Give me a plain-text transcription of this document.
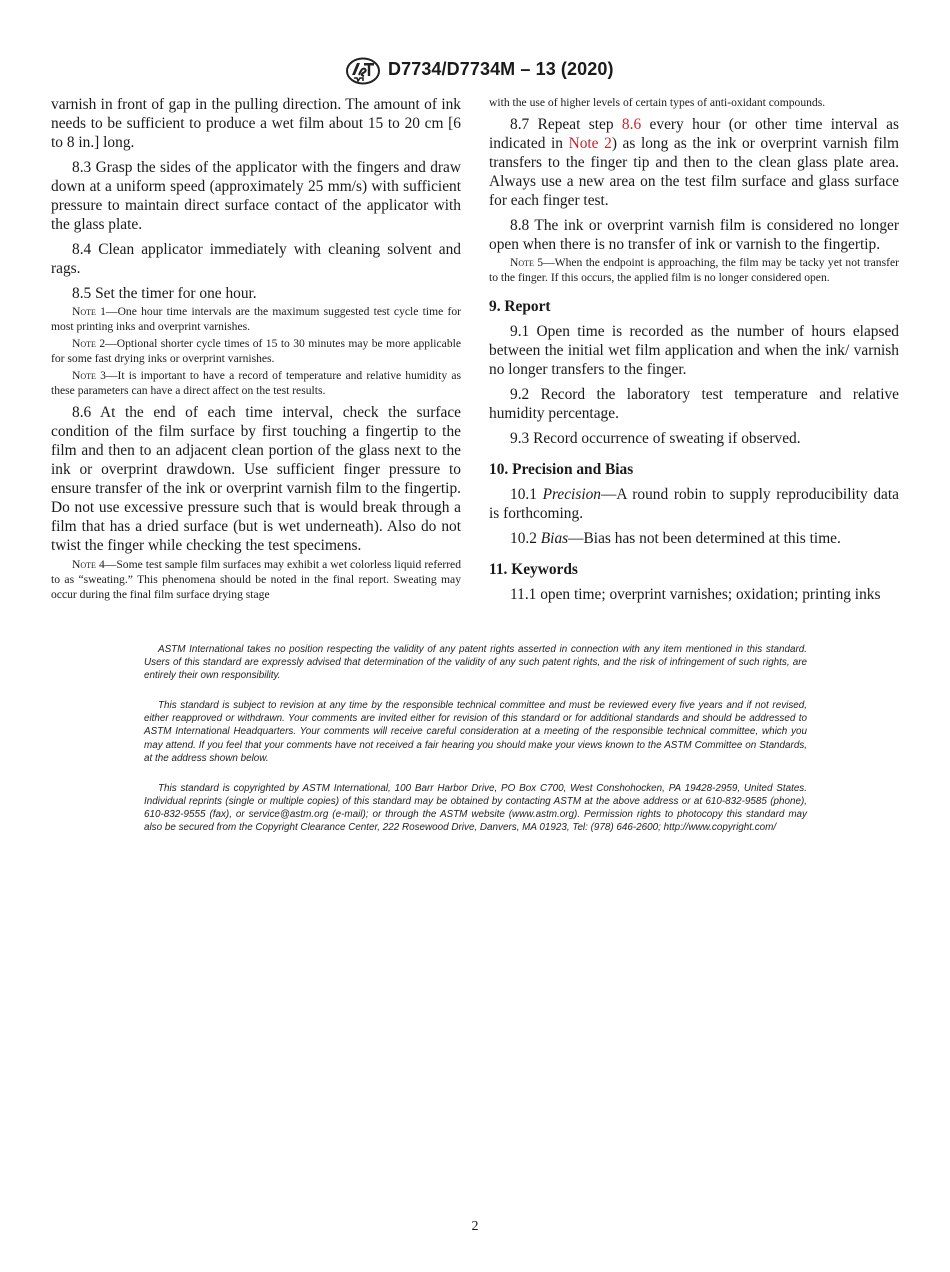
D7734/D7734M – 13 (2020)

varnish in front of gap in the pulling direction. The amount of ink needs to be sufficient to produce a wet film about 15 to 20 cm [6 to 8 in.] long.

8.3 Grasp the sides of the applicator with the fingers and draw down at a uniform speed (approximately 25 mm/s) with sufficient pressure to maintain direct surface contact of the applicator with the glass plate.

8.4 Clean applicator immediately with cleaning solvent and rags.

8.5 Set the timer for one hour.

Note 1—One hour time intervals are the maximum suggested test cycle time for most printing inks and overprint varnishes.

Note 2—Optional shorter cycle times of 15 to 30 minutes may be more applicable for some fast drying inks or overprint varnishes.

Note 3—It is important to have a record of temperature and relative humidity as these parameters can have a direct affect on the test results.

8.6 At the end of each time interval, check the surface condition of the film surface by first touching a fingertip to the film and then to an adjacent clean portion of the glass next to the ink or overprint drawdown. Use sufficient finger pressure to ensure transfer of the ink or overprint varnish film to the fingertip. Do not use excessive pressure such that is would break through a film that has a dried surface (but is wet underneath). Also do not twist the finger while checking the test specimens.

Note 4—Some test sample film surfaces may exhibit a wet colorless liquid referred to as “sweating.” This phenomena should be noted in the final report. Sweating may occur during the final film surface drying stage

with the use of higher levels of certain types of anti-oxidant compounds.

8.7 Repeat step 8.6 every hour (or other time interval as indicated in Note 2) as long as the ink or overprint varnish film transfers to the finger tip and then to the clean glass plate area. Always use a new area on the test film surface and glass surface for each finger test.

8.8 The ink or overprint varnish film is considered no longer open when there is no transfer of ink or varnish to the fingertip.

Note 5—When the endpoint is approaching, the film may be tacky yet not transfer to the finger. If this occurs, the applied film is no longer considered open.

9. Report

9.1 Open time is recorded as the number of hours elapsed between the initial wet film application and when the ink/ varnish no longer transfers to the finger.

9.2 Record the laboratory test temperature and relative humidity percentage.

9.3 Record occurrence of sweating if observed.

10. Precision and Bias

10.1 Precision—A round robin to supply reproducibility data is forthcoming.

10.2 Bias—Bias has not been determined at this time.

11. Keywords

11.1 open time; overprint varnishes; oxidation; printing inks

ASTM International takes no position respecting the validity of any patent rights asserted in connection with any item mentioned in this standard. Users of this standard are expressly advised that determination of the validity of any such patent rights, and the risk of infringement of such rights, are entirely their own responsibility.

This standard is subject to revision at any time by the responsible technical committee and must be reviewed every five years and if not revised, either reapproved or withdrawn. Your comments are invited either for revision of this standard or for additional standards and should be addressed to ASTM International Headquarters. Your comments will receive careful consideration at a meeting of the responsible technical committee, which you may attend. If you feel that your comments have not received a fair hearing you should make your views known to the ASTM Committee on Standards, at the address shown below.

This standard is copyrighted by ASTM International, 100 Barr Harbor Drive, PO Box C700, West Conshohocken, PA 19428-2959, United States. Individual reprints (single or multiple copies) of this standard may be obtained by contacting ASTM at the above address or at 610-832-9585 (phone), 610-832-9555 (fax), or service@astm.org (e-mail); or through the ASTM website (www.astm.org). Permission rights to photocopy this standard may also be secured from the Copyright Clearance Center, 222 Rosewood Drive, Danvers, MA 01923, Tel: (978) 646-2600; http://www.copyright.com/

2
